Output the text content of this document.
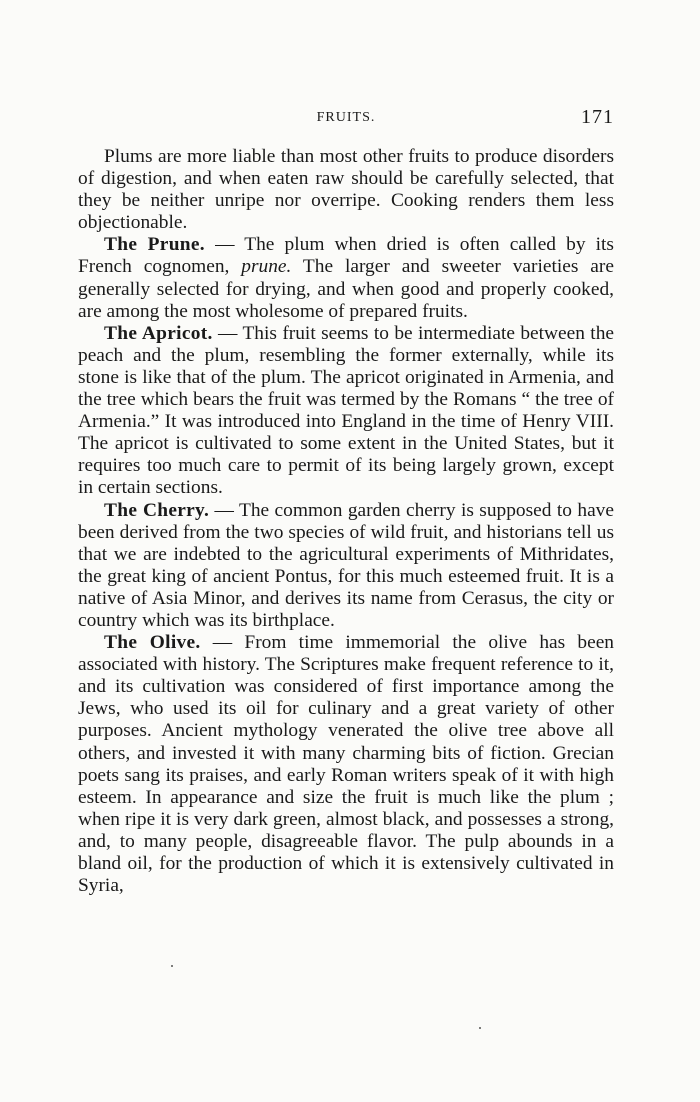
FRUITS.	171

Plums are more liable than most other fruits to produce disorders of digestion, and when eaten raw should be carefully selected, that they be neither unripe nor overripe. Cooking renders them less objectionable.

The Prune. — The plum when dried is often called by its French cognomen, prune. The larger and sweeter varieties are generally selected for drying, and when good and properly cooked, are among the most wholesome of prepared fruits.

The Apricot. — This fruit seems to be intermediate between the peach and the plum, resembling the former externally, while its stone is like that of the plum. The apricot originated in Armenia, and the tree which bears the fruit was termed by the Romans “ the tree of Armenia.” It was introduced into England in the time of Henry VIII. The apricot is cultivated to some extent in the United States, but it requires too much care to permit of its being largely grown, except in certain sections.

The Cherry. — The common garden cherry is supposed to have been derived from the two species of wild fruit, and historians tell us that we are indebted to the agricultural experiments of Mithridates, the great king of ancient Pontus, for this much esteemed fruit. It is a native of Asia Minor, and derives its name from Cerasus, the city or country which was its birthplace.

The Olive. — From time immemorial the olive has been associated with history. The Scriptures make frequent reference to it, and its cultivation was considered of first importance among the Jews, who used its oil for culinary and a great variety of other purposes. Ancient mythology venerated the olive tree above all others, and invested it with many charming bits of fiction. Grecian poets sang its praises, and early Roman writers speak of it with high esteem. In appearance and size the fruit is much like the plum ; when ripe it is very dark green, almost black, and possesses a strong, and, to many people, disagreeable flavor. The pulp abounds in a bland oil, for the production of which it is extensively cultivated in Syria,
